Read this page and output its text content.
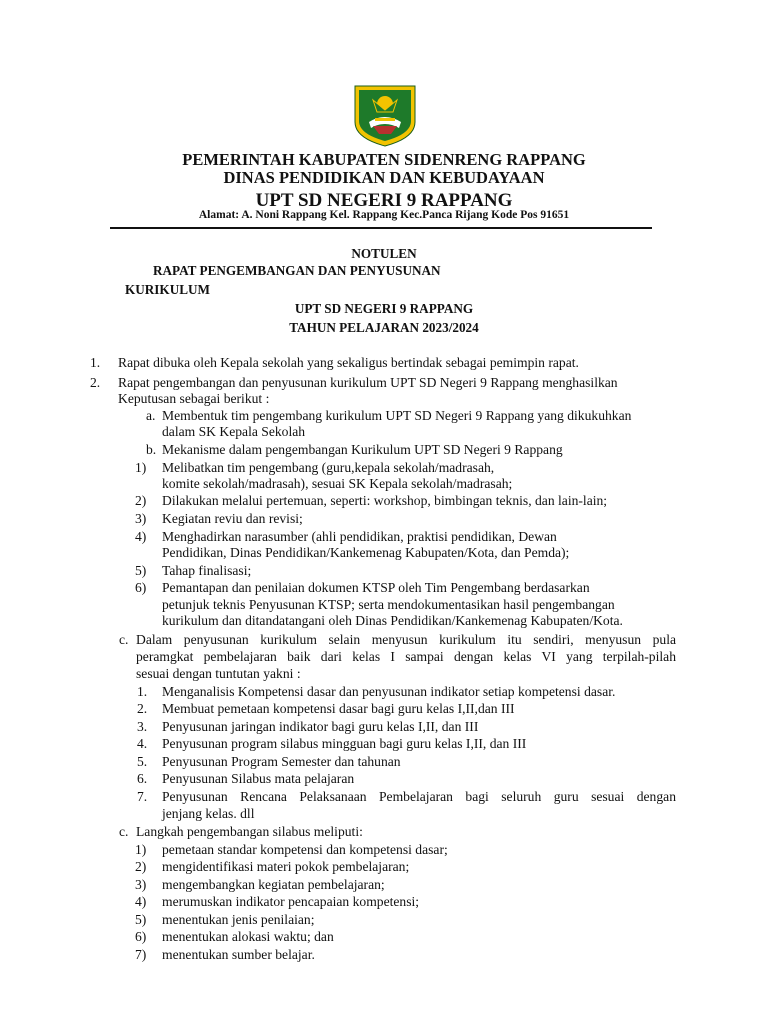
PEMERINTAH KABUPATEN SIDENRENG RAPPANG
DINAS PENDIDIKAN DAN KEBUDAYAAN
UPT SD NEGERI 9 RAPPANG
Alamat: A. Noni Rappang Kel. Rappang Kec.Panca Rijang Kode Pos 91651
NOTULEN
RAPAT PENGEMBANGAN DAN PENYUSUNAN
KURIKULUM
UPT SD NEGERI 9 RAPPANG
TAHUN PELAJARAN 2023/2024
1. Rapat dibuka oleh Kepala sekolah yang sekaligus bertindak sebagai pemimpin rapat.
2. Rapat pengembangan dan penyusunan kurikulum UPT SD Negeri 9 Rappang menghasilkan
Keputusan sebagai berikut :
a. Membentuk tim pengembang kurikulum UPT SD Negeri 9 Rappang yang dikukuhkan
dalam SK Kepala Sekolah
b. Mekanisme dalam pengembangan Kurikulum UPT SD Negeri 9 Rappang
1) Melibatkan tim pengembang (guru,kepala sekolah/madrasah,
komite sekolah/madrasah), sesuai SK Kepala sekolah/madrasah;
2) Dilakukan melalui pertemuan, seperti: workshop, bimbingan teknis, dan lain-lain;
3) Kegiatan reviu dan revisi;
4) Menghadirkan narasumber (ahli pendidikan, praktisi pendidikan, Dewan
Pendidikan, Dinas Pendidikan/Kankemenag Kabupaten/Kota, dan Pemda);
5) Tahap finalisasi;
6) Pemantapan dan penilaian dokumen KTSP oleh Tim Pengembang berdasarkan
petunjuk teknis Penyusunan KTSP; serta mendokumentasikan hasil pengembangan
kurikulum dan ditandatangani oleh Dinas Pendidikan/Kankemenag Kabupaten/Kota.
c. Dalam penyusunan kurikulum selain menyusun kurikulum itu sendiri, menyusun pula
peramgkat pembelajaran baik dari kelas I sampai dengan kelas VI yang terpilah-pilah
sesuai dengan tuntutan yakni :
1. Menganalisis Kompetensi dasar dan penyusunan indikator setiap kompetensi dasar.
2. Membuat pemetaan kompetensi dasar bagi guru kelas I,II,dan III
3. Penyusunan jaringan indikator bagi guru kelas I,II, dan III
4. Penyusunan program silabus mingguan bagi guru kelas I,II, dan III
5. Penyusunan Program Semester dan tahunan
6. Penyusunan Silabus mata pelajaran
7. Penyusunan Rencana Pelaksanaan Pembelajaran bagi seluruh guru sesuai dengan
jenjang kelas. dll
c. Langkah pengembangan silabus meliputi:
1) pemetaan standar kompetensi dan kompetensi dasar;
2) mengidentifikasi materi pokok pembelajaran;
3) mengembangkan kegiatan pembelajaran;
4) merumuskan indikator pencapaian kompetensi;
5) menentukan jenis penilaian;
6) menentukan alokasi waktu; dan
7) menentukan sumber belajar.
